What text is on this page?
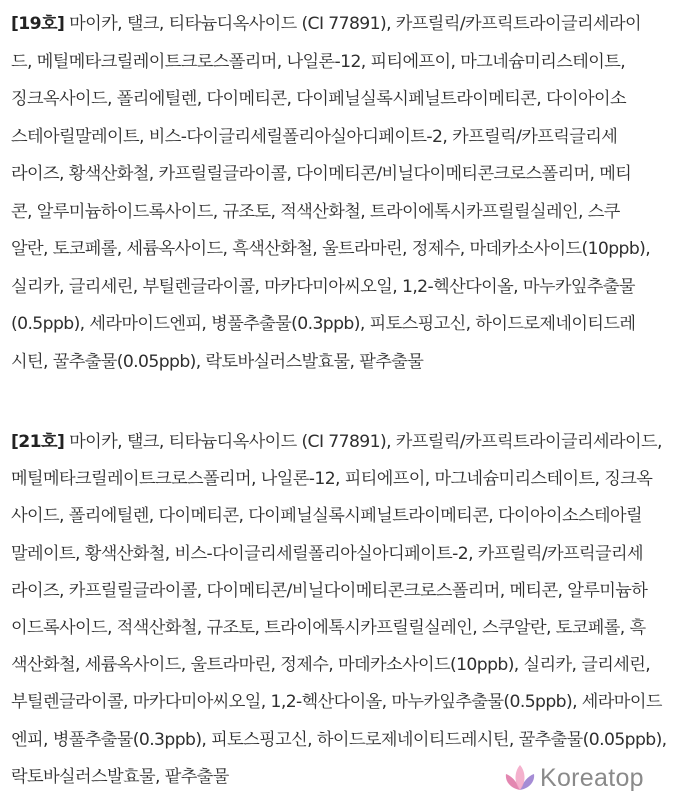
[19호] 마이카, 탤크, 티타늄디옥사이드 (CI 77891), 카프릴릭/카프릭트라이글리세라이
드, 메틸메타크릴레이트크로스폴리머, 나일론-12, 피티에프이, 마그네슘미리스테이트,
징크옥사이드, 폴리에틸렌, 다이메티콘, 다이페닐실록시페닐트라이메티콘, 다이아이소
스테아릴말레이트, 비스-다이글리세릴폴리아실아디페이트-2, 카프릴릭/카프릭글리세
라이즈, 황색산화철, 카프릴릴글라이콜, 다이메티콘/비닐다이메티콘크로스폴리머, 메티
콘, 알루미늄하이드록사이드, 규조토, 적색산화철, 트라이에톡시카프릴릴실레인, 스쿠
알란, 토코페롤, 세륨옥사이드, 흑색산화철, 울트라마린, 정제수, 마데카소사이드(10ppb),
실리카, 글리세린, 부틸렌글라이콜, 마카다미아씨오일, 1,2-헥산다이올, 마누카잎추출물
(0.5ppb), 세라마이드엔피, 병풀추출물(0.3ppb), 피토스핑고신, 하이드로제네이티드레
시틴, 꿀추출물(0.05ppb), 락토바실러스발효물, 팥추출물
[21호] 마이카, 탤크, 티타늄디옥사이드 (CI 77891), 카프릴릭/카프릭트라이글리세라이드,
메틸메타크릴레이트크로스폴리머, 나일론-12, 피티에프이, 마그네슘미리스테이트, 징크옥
사이드, 폴리에틸렌, 다이메티콘, 다이페닐실록시페닐트라이메티콘, 다이아이소스테아릴
말레이트, 황색산화철, 비스-다이글리세릴폴리아실아디페이트-2, 카프릴릭/카프릭글리세
라이즈, 카프릴릴글라이콜, 다이메티콘/비닐다이메티콘크로스폴리머, 메티콘, 알루미늄하
이드록사이드, 적색산화철, 규조토, 트라이에톡시카프릴릴실레인, 스쿠알란, 토코페롤, 흑
색산화철, 세륨옥사이드, 울트라마린, 정제수, 마데카소사이드(10ppb), 실리카, 글리세린,
부틸렌글라이콜, 마카다미아씨오일, 1,2-헥산다이올, 마누카잎추출물(0.5ppb), 세라마이드
엔피, 병풀추출물(0.3ppb), 피토스핑고신, 하이드로제네이티드레시틴, 꿀추출물(0.05ppb),
락토바실러스발효물, 팥추출물	Koreatop
